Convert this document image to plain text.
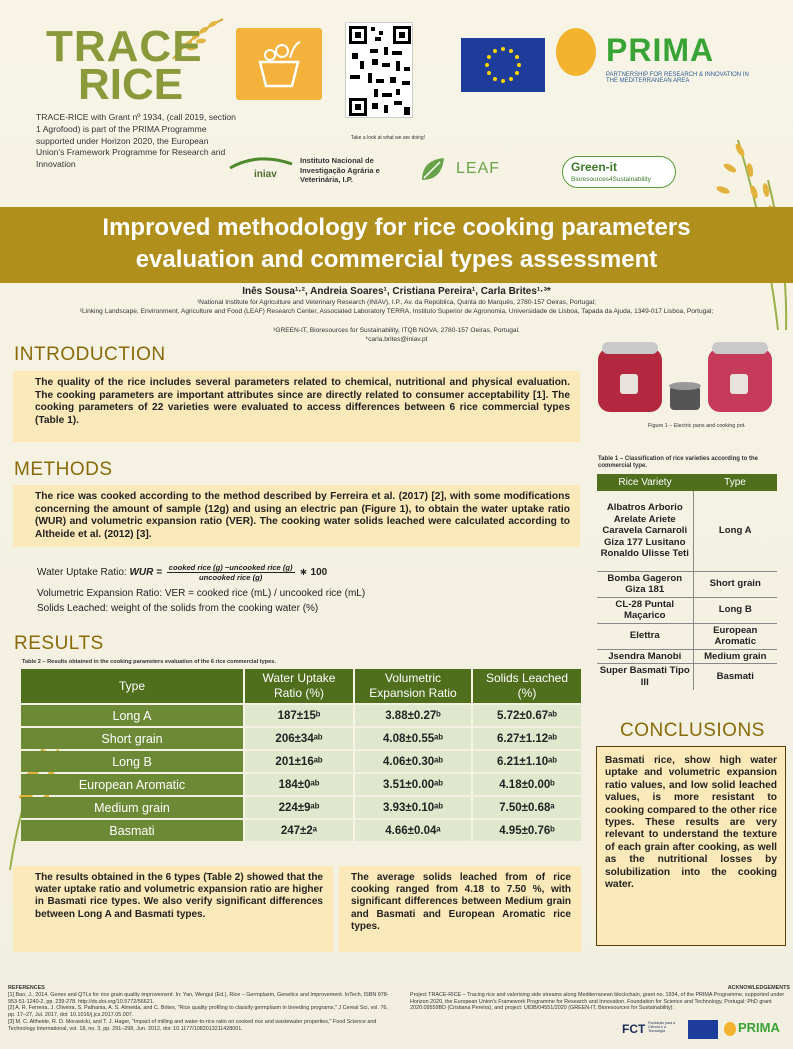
TRACE
RICE
TRACE-RICE with Grant nº 1934, (call 2019, section 1 Agrofood) is part of the PRIMA Programme supported under Horizon 2020, the European Union's Framework Programme for Research and Innovation
Take a look at what we are doing!
PRIMA
PARTNERSHIP FOR RESEARCH & INNOVATION IN THE MEDITERRANEAN AREA
iniav
Instituto Nacional de Investigação Agrária e Veterinária, I.P.
LEAF	Green-it
Bioresources4Sustainability
Improved methodology for rice cooking parameters
evaluation and commercial types assessment
Inês Sousa¹·², Andreia Soares¹, Cristiana Pereira¹, Carla Brites¹·³*
¹National Institute for Agriculture and Veterinary Research (INIAV), I.P., Av. da República, Quinta do Marquês, 2780-157 Oeiras, Portugal;
²Linking Landscape, Environment, Agriculture and Food (LEAF) Research Center, Associated Laboratory TERRA, Instituto Superior de Agronomia, Universidade de Lisboa, Tapada da Ajuda, 1349-017 Lisboa, Portugal;
³GREEN-IT, Bioresources for Sustainability, ITQB NOVA, 2780-157 Oeiras, Portugal.
*carla.brites@iniav.pt
INTRODUCTION
The quality of the rice includes several parameters related to chemical, nutritional and physical evaluation. The cooking parameters are important attributes since are directly related to consumer acceptability [1]. The cooking parameters of 22 varieties were evaluated to access differences between 6 rice commercial types (Table 1).
Figure 1 – Electric pans and cooking pot.
METHODS
The rice was cooked according to the method described by Ferreira et al. (2017) [2], with some modifications concerning the amount of sample (12g) and using an electric pan (Figure 1), to obtain the water uptake ratio (WUR) and volumetric expansion ratio (VER). The cooking water solids leached were calculated according to Altheide et al. (2012) [3].
Water Uptake Ratio: WUR = cooked rice (g) −uncooked rice (g)
uncooked rice (g)	∗ 100
Volumetric Expansion Ratio: VER = cooked rice (mL) / uncooked rice (mL)
Solids Leached: weight of the solids from the cooking water (%)
Table 1 – Classification of rice varieties according to the commercial type.
Rice Variety	Type
Albatros Arborio Arelate Ariete Caravela Carnaroli Giza 177 Lusitano Ronaldo Ulisse Teti	Long A
Bomba Gageron Giza 181	Short grain
CL-28 Puntal Maçarico	Long B
Elettra	European Aromatic
Jsendra Manobi	Medium grain
Super Basmati Tipo III	Basmati
RESULTS
Table 2 – Results obtained in the cooking parameters evaluation of the 6 rice commercial types.
Type	Water Uptake Ratio (%)	Volumetric Expansion Ratio	Solids Leached (%)
Long A	187±15ᵇ	3.88±0.27ᵇ	5.72±0.67ᵃᵇ
Short grain	206±34ᵃᵇ	4.08±0.55ᵃᵇ	6.27±1.12ᵃᵇ
Long B	201±16ᵃᵇ	4.06±0.30ᵃᵇ	6.21±1.10ᵃᵇ
European Aromatic	184±0ᵃᵇ	3.51±0.00ᵃᵇ	4.18±0.00ᵇ
Medium grain	224±9ᵃᵇ	3.93±0.10ᵃᵇ	7.50±0.68ᵃ
Basmati	247±2ᵃ	4.66±0.04ᵃ	4.95±0.76ᵇ
The results obtained in the 6 types (Table 2) showed that the water uptake ratio and volumetric expansion ratio are higher in Basmati rice types. We also verify significant differences between Long A and Basmati types.
The average solids leached from of rice cooking ranged from 4.18 to 7.50 %, with significant differences between Medium grain and Basmati and European Aromatic rice types.
CONCLUSIONS
Basmati rice, show high water uptake and volumetric expansion ratio values, and low solid leached values, is more resistant to cooking compared to the other rice types. These results are very relevant to understand the texture of each grain after cooking, as well as the nutritional losses by solubilization into the cooking water.
REFERENCES
[1] Bao, J., 2014. Genes and QTLs for rice grain quality improvement. In: Yan, Wengui (Ed.), Rice – Germplasm, Genetics and Improvement. InTech, ISBN 978-953-51-1240-2, pp. 239-278. http://dx.doi.org/10.5772/56621.
[2] A. R. Ferreira, J. Oliveira, S. Pathania, A. S. Almeida, and C. Brites, "Rice quality profiling to classify germplasm in breeding programs," J Cereal Sci, vol. 76, pp. 17–27, Jul. 2017, doi: 10.1016/j.jcs.2017.05.007.
[3] M. C. Altheide, R. D. Morawicki, and T. J. Hager, "Impact of milling and water-to-rice ratio on cooked rice and wastewater properties," Food Science and Technology International, vol. 18, no. 3, pp. 291–298, Jun. 2012, doi: 10.1177/1082013211428001.
ACKNOWLEDGEMENTS
Project TRACE-RICE – Tracing rice and valorising side streams along Mediterranean blockchain, grant no. 1934, of the PRIMA Programme, supported under Horizon 2020, the European Union's Framework Programme for Research and Innovation. Foundation for Science and Technology, Portugal: PhD grant 2020.09559BD (Cristiana Pereira), and project: UIDB/04551/2020 (GREEN-IT, Bioresources for Sustainability).
FCT Fundação para a Ciência e a Tecnologia	PRIMA
